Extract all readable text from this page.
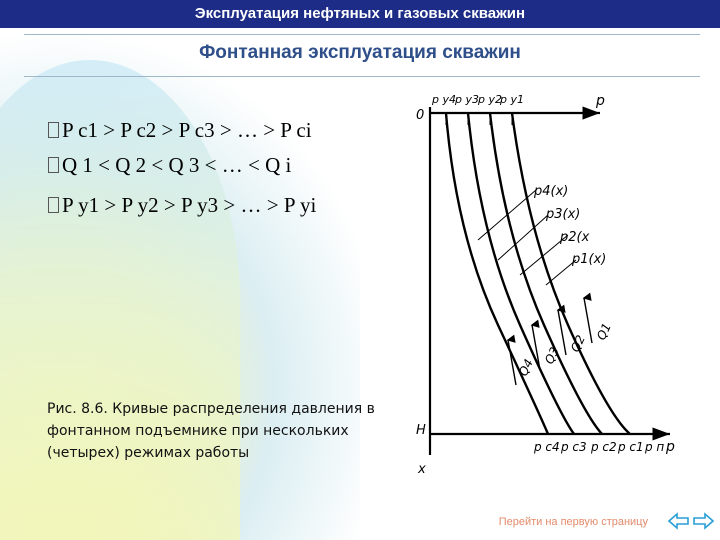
Эксплуатация нефтяных и газовых скважин
Фонтанная эксплуатация скважин
P c1 > P c2 > P c3 > … > P ci
Q 1 < Q 2 < Q 3 < … < Q i
P у1 > P у2 > P у3 > … > P уi
Рис. 8.6. Кривые распределения давления в фонтанном подъемнике при нескольких (четырех) режимах работы
0
p
p у4 p у3 p у2
p у1
x
H
p
p c4 p c3 p c2 p c1 p п
p4(x)
p3(x)
p2(x
p1(x)
Q4
Q3
Q2
Q1
Перейти на первую страницу
